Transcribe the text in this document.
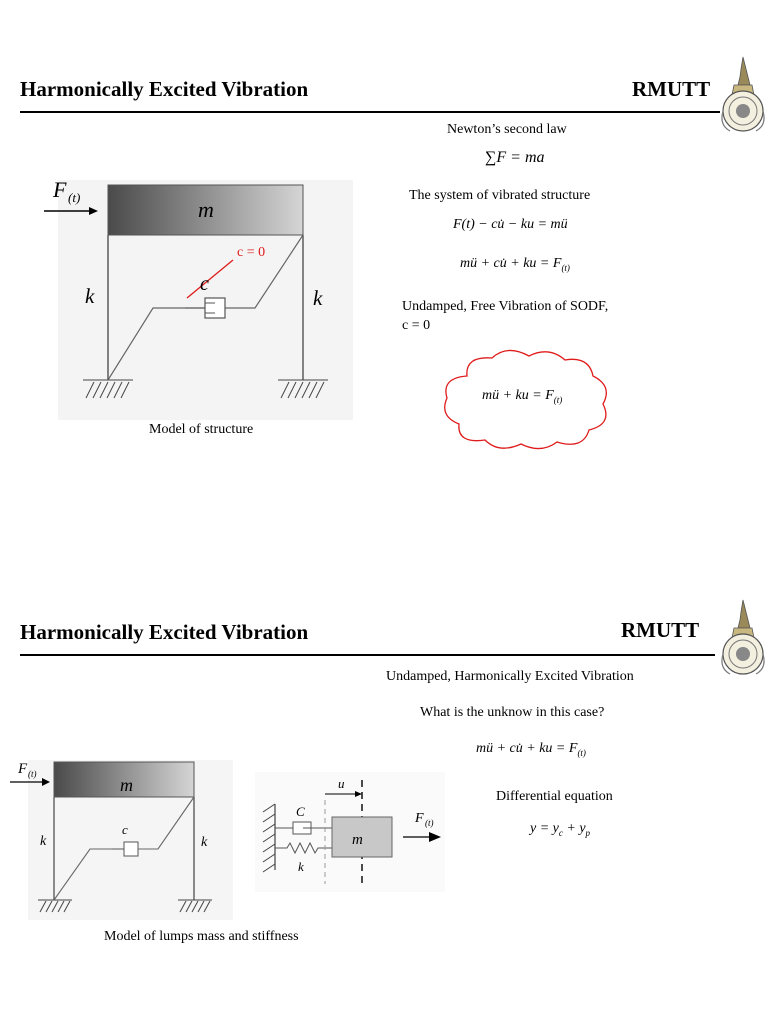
Harmonically Excited Vibration	RMUTT
F (t)	m
k	k
c
c = 0
Model of structure
Newton’s second law
∑F = ma
The system of vibrated structure
F(t) − cu̇ − ku = mü
mü + cu̇ + ku = $F_{(t)}$
Undamped, Free Vibration of SODF,
c = 0
mü + ku = $F_{(t)}$
Harmonically Excited Vibration	RMUTT
Undamped, Harmonically Excited Vibration
What is the unknow in this case?
mü + cu̇ + ku = $F_{(t)}$
Differential equation
$y = y_c + y_p$
F (t)
m
k	k
c
Model of lumps mass and stiffness
u
C
k
m
F (t)
